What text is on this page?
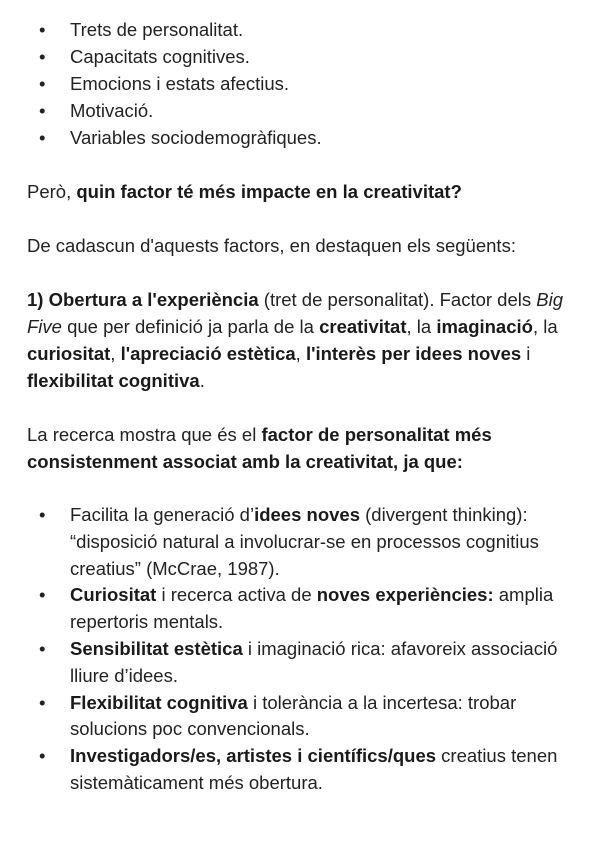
• Trets de personalitat.
• Capacitats cognitives.
• Emocions i estats afectius.
• Motivació.
• Variables sociodemogràfiques.

Però, quin factor té més impacte en la creativitat?

De cadascun d'aquests factors, en destaquen els següents:

1) Obertura a l'experiència (tret de personalitat). Factor dels Big Five que per definició ja parla de la creativitat, la imaginació, la curiositat, l'apreciació estètica, l'interès per idees noves i flexibilitat cognitiva.

La recerca mostra que és el factor de personalitat més consistenment associat amb la creativitat, ja que:

• Facilita la generació d’idees noves (divergent thinking): “disposició natural a involucrar-se en processos cognitius creatius” (McCrae, 1987).
• Curiositat i recerca activa de noves experiències: amplia repertoris mentals.
• Sensibilitat estètica i imaginació rica: afavoreix associació lliure d’idees.
• Flexibilitat cognitiva i tolerància a la incertesa: trobar solucions poc convencionals.
• Investigadors/es, artistes i científics/ques creatius tenen sistemàticament més obertura.
